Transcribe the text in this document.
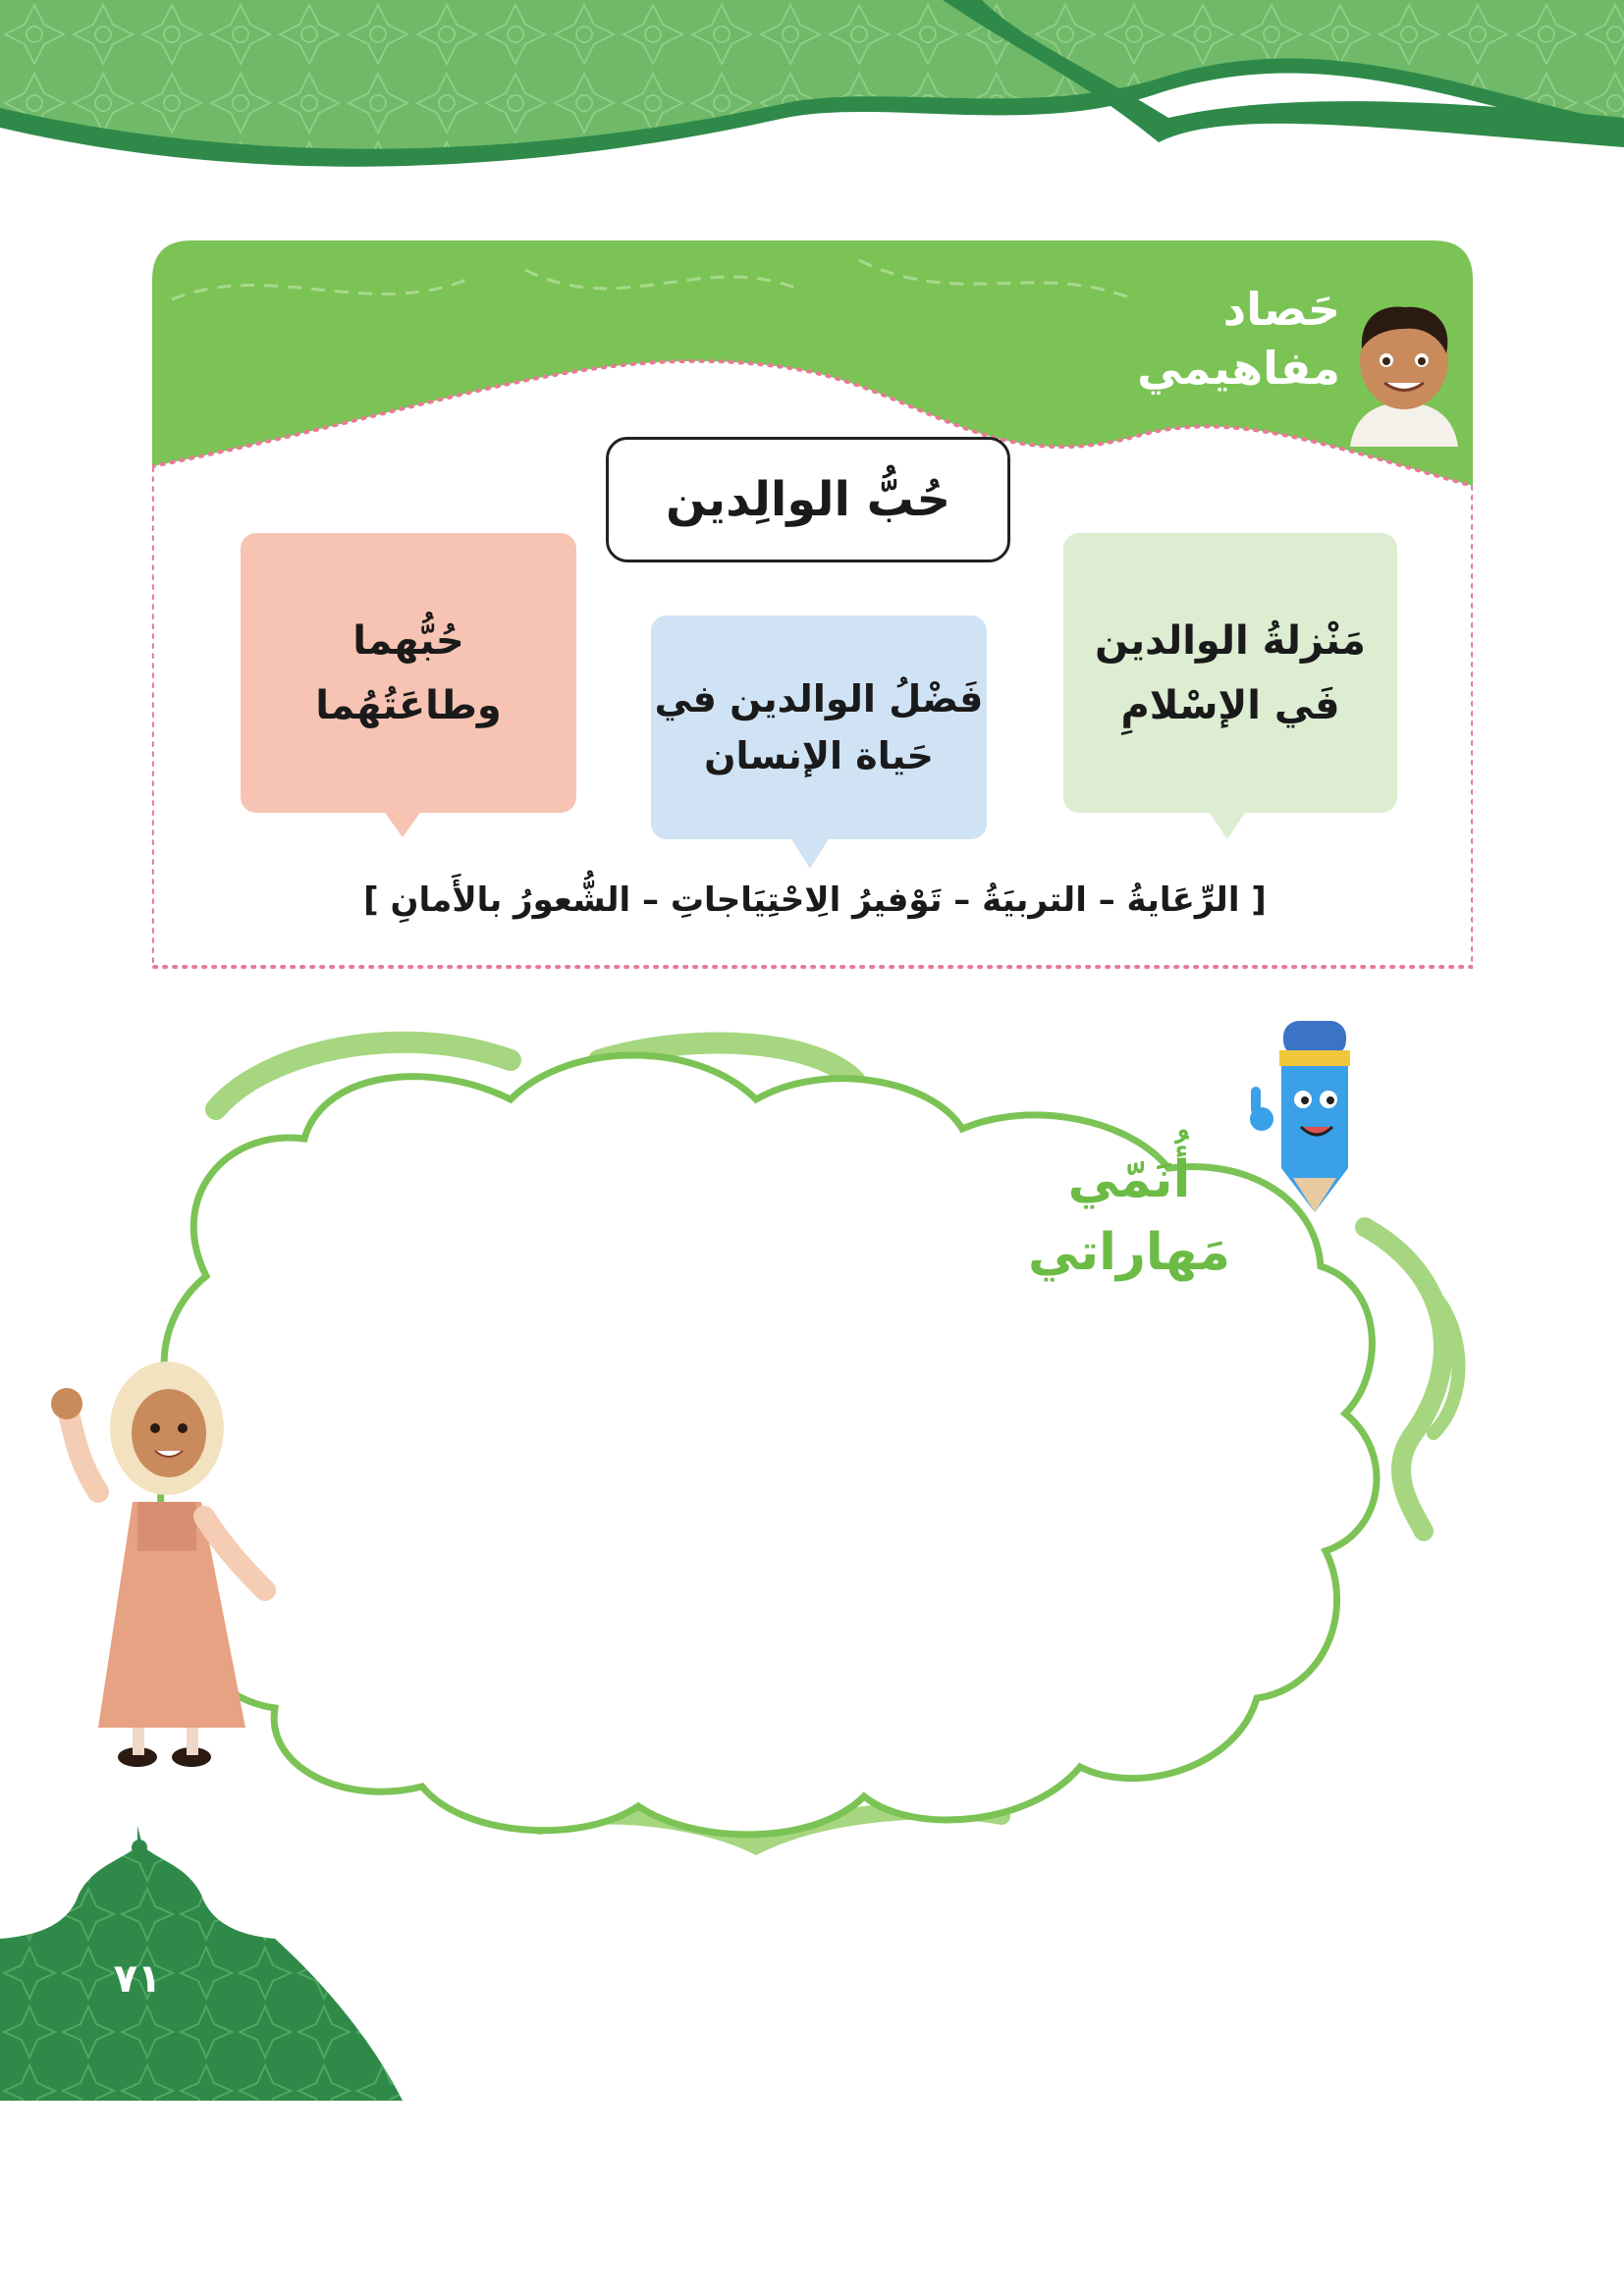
حَصاد
مفاهيمي
حُبُّ الوالِدين
مَنْزلةُ الوالدين
فَي الإسْلامِ
فَضْلُ الوالدين في
حَياة الإنسان
حُبُّهما
وطاعَتُهُما
[ الرِّعَايةُ – التربيَةُ – تَوْفيرُ الِاحْتِيَاجاتِ – الشُّعورُ بالأَمانِ ]
أُنَمّي
مَهاراتي
٧١
